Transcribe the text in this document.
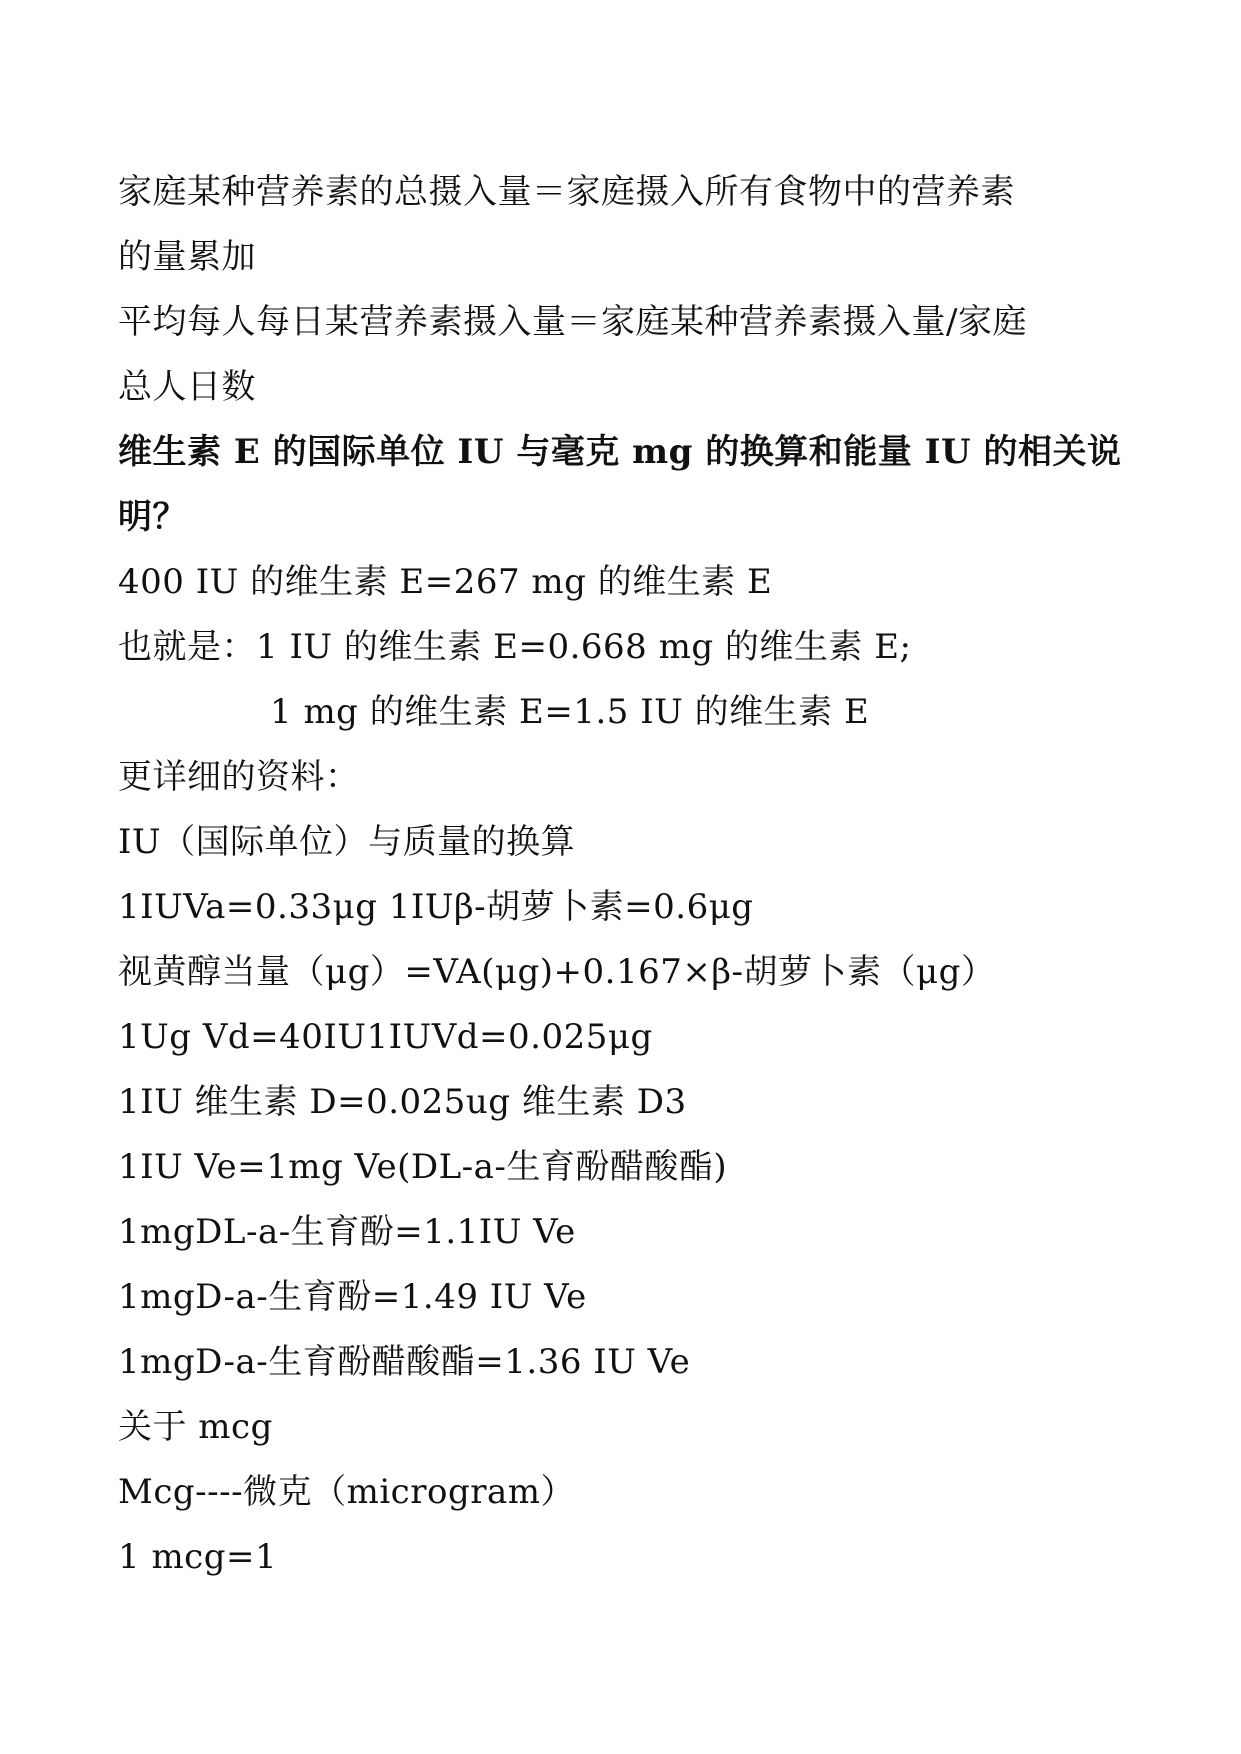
家庭某种营养素的总摄入量＝家庭摄入所有食物中的营养素
的量累加
平均每人每日某营养素摄入量＝家庭某种营养素摄入量/家庭
总人日数
维生素 E 的国际单位 IU 与毫克 mg 的换算和能量 IU 的相关说
明？
400 IU 的维生素 E=267 mg 的维生素 E
也就是：1 IU 的维生素 E=0.668 mg 的维生素 E;
1 mg 的维生素 E=1.5 IU 的维生素 E
更详细的资料：
IU（国际单位）与质量的换算
1IUVa=0.33μg 1IUβ-胡萝卜素=0.6μg
视黄醇当量（μg）=VA(μg)+0.167×β-胡萝卜素（μg）
1Ug Vd=40IU1IUVd=0.025μg
1IU 维生素 D=0.025ug 维生素 D3
1IU Ve=1mg Ve(DL-a-生育酚醋酸酯)
1mgDL-a-生育酚=1.1IU Ve
1mgD-a-生育酚=1.49 IU Ve
1mgD-a-生育酚醋酸酯=1.36 IU Ve
关于 mcg
Mcg----微克（microgram）
1 mcg=1
